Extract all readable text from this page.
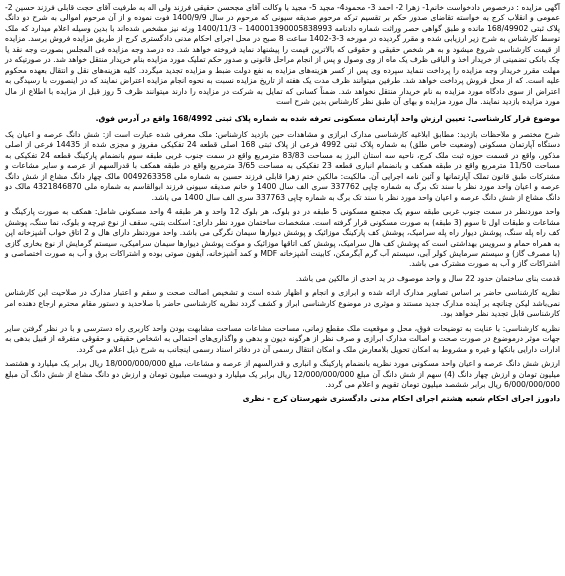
آگهی مزایده : درخصوص دادخواست خانم1- زهرا 2- احمد 3- محمود4- مجید 5- مجید با وکالت آقای مجحسن حقیقی فرزند ولی اله به طرفیت آقای حجت قابلی فرزند حسین 2- عمومی و انقلاب کرج به خواسته تقاضای صدور حکم بر تقسیم ترکه مرحوم صدیقه سیونی که مرحوم در سال 1400/9/9 فوت نموده و از آن مرحوم اموالی به شرح دو دانگ پلاک ثبتی 168/49902 مانده و طبق گواهی حصر وراثت شماره دادنامه 140001390005838993 – 1400/11/3 ورثه نیز مشخص شده‌اند با بدین وسیله اعلام میدارد که ملک توسط کارشناس به شرح زیر ارزیابی شده و مقرر گردیده در مورخه 3-3-1402 ساعت 8 صبح در محل اجرای احکام مدنی دادگستری کرج از طریق مزایده فروش برسد. مزایده از قیمت کارشناسی شروع میشود و به هر شخص حقیقی و حقوقی که بالاترین قیمت را پیشنهاد نماید فروخته خواهد شد. ده درصد وجه مزایده فی المجلس بصورت وجه نقد یا چک بانکی تضمینی از خریدار اخذ و الباقی ظرف یک ماه از وی وصول و پس از انجام مراحل قانونی و صدور حکم تملیک مورد مزایده بنام خریدار منتقل خواهد شد. در صورتیکه در مهلت مقرر خریدار وجه مزایده را پرداخت ننماید سپرده وی پس از کسر هزینه‌های مزایده به نفع دولت ضبط و مزایده تجدید میگردد. کلیه هزینه‌های نقل و انتقال بعهده محکوم علیه است. که از محل فروش پرداخت خواهد شد. طرفین میتوانند ظرف مدت یک هفته از تاریخ مزایده نسبت به نحوه انجام مزایده اعتراض نمایند که در اینصورت با رسیدگی به اعتراض از سوی دادگاه مورد مزایده به نام خریدار منتقل نخواهد شد. ضمناً کسانی که تمایل به شرکت در مزایده را دارند میتوانند ظرف 5 روز قبل از مزایده با اطلاع از مال مورد مزایده بازدید نمایند. مال مورد مزایده و بهای آن طبق نظر کارشناس بدین شرح است

موضوع قرار کارشناسی: تعیین ارزش واحد آپارتمان مسکونی تعرفه شده به شماره پلاک ثبتی 168/4992 واقع در آدرس فوق.

شرح مختصر و ملاحظات بازدید: مطابق ابلاغیه کارشناسی مدارک ابرازی و مشاهدات حین بازدید کارشناس: ملک معرفی شده عبارت است از: شش دانگ عرصه و اعیان یک دستگاه آپارتمان مسکونی (وضعیت خاص طلق) به شماره پلاک ثبتی 4992 فرعی از پلاک ثبتی 168 اصلی قطعه 24 تفکیکی مفروز و مجزی شده از 14435 فرعی از اصلی مذکور، واقع در قسمت حوزه ثبت ملک کرج، ناحیه سه استان البرز به مساحت 83/83 مترمربع واقع در سمت جنوب غربی طبقه سوم بانضمام پارکینگ قطعه 24 تفکیکی به مساحت 11/50 مترمربع واقع در طبقه همکف و بانضمام انباری قطعه 23 تفکیکی به مساحت 3/65 مترمربع واقع در طبقه همکف با قدرالسهم از عرصه و سایر مشاعات و مشترکات طبق قانون تملک آپارتمانها و آئین نامه اجرایی آن. مالکیت: مالکین ختم زهرا قابلی فرزند حسین به شماره ملی 0049263358 مالک چهار دانگ مشاع از شش دانگ عرصه و اعیان واحد مورد نظر با سند تک برگ به شماره چاپی 337762 سری الف سال 1400 و خانم صدیقه سیونی فرزند ابوالقاسم به شماره ملی 4321846870 مالک دو دانگ مشاع از شش دانگ عرصه و اعیان واحد مورد نظر با سند تک برگ به شماره چاپی 337763 سری الف سال 1400 می باشد.

واحد موردنظر در سمت جنوب غربی طبقه سوم یک مجتمع مسکونی 5 طبقه در دو بلوک، هر بلوک 12 واحد و هر طبقه 4 واحد مسکونی شامل: همکف به صورت پارکینگ و مشاعات و طبقات اول تا سوم (3 طبقه) به صورت مسکونی قرار گرفته است. مشخصات ساختمان مورد نظر دارای: اسکلت بتنی، سقف از نوع تیرچه و بلوک، نما سنگ، پوشش کف راه پله سنگ، پوشش دیوار راه پله سرامیک، پوشش کف پارکینگ موزائیک و پوشش دیوارها سیمان نگرگی می باشد. واحد موردنظر دارای هال و 2 اتاق خواب آشپزخانه اپن به همراه حمام و سرویس بهداشتی است که پوشش کف هال سرامیک، پوشش کف اتاقها موزائیک و موکت پوشش دیوارها سیمان سرامیکی، سیستم گرمایش از نوع بخاری گازی (با مصرف گاز) و سیستم سرمایش کولر آبی، سیستم آب گرم آبگرمکن، کابینت آشپزخانه MDF و کمد آشپزخانه، آیفون صوتی بوده و اشتراکات برق و آب به صورت اختصاصی و اشتراکات گاز و آب به صورت مشترک می باشد.

قدمت بنای ساختمان حدود 22 سال و واحد موصوف در ید احدی از مالکین می باشد.

نظریه کارشناسی حاضر بر اساس تصاویر مدارک ارائه شده و ابرازی و انجام و اظهار شده است و تشخیص اصالت صحت و سقم و اعتبار مدارک در صلاحیت این کارشناس نمی‌باشد لیکن چنانچه بر آینده مدارک جدید مستند و موثری در موضوع کارشناسی ابراز و کشف گردد نظریه کارشناسی حاضر با صلاحدید و دستور مقام محترم ارجاع دهنده امر کارشناسی قابل تجدید نظر خواهد بود.

نظریه کارشناسی: با عنایت به توضیحات فوق، محل و موقعیت ملک مقطع زمانی، مساحت مشاعات مساحت مشابهت بودن واحد کاربری راه دسترسی و با در نظر گرفتن سایر جهات موثر درموضوع در صورت صحت و اصالت مدارک ابرازی و صرف نظر از هرگونه دیون و بدهی و واگذاری‌های احتمالی به اشخاص حقیقی و حقوقی متفرقه از قبیل بدهی به ادارات دارایی بانکها و غیره و مشروط به امکان تحویل بلامعارض ملک و امکان انتقال رسمی آن در دفاتر اسناد رسمی اینجانب به شرح ذیل اعلام می گردد.

ارزش شش دانگ عرصه و اعیان واحد مسکونی مورد نظریه بانضمام پارکینگ و انباری و قدرالسهم از عرصه و مشاعات، مبلغ 18/000/000/000 ریال برابر یک میلیارد و هشتصد میلیون تومان و ارزش چهار دانگ (4) سهم از شش دانگ آن مبلغ 12/000/000/000 ریال برابر یک میلیارد و دویست میلیون تومان و ارزش دو دانگ مشاع از شش دانگ آن مبلغ 6/000/000/000 ریال برابر ششصد میلیون تومان تقویم و اعلام می گردد.

دادورز اجرای احکام شعبه هشتم اجرای احکام مدنی دادگستری شهرستان کرج - نظری
